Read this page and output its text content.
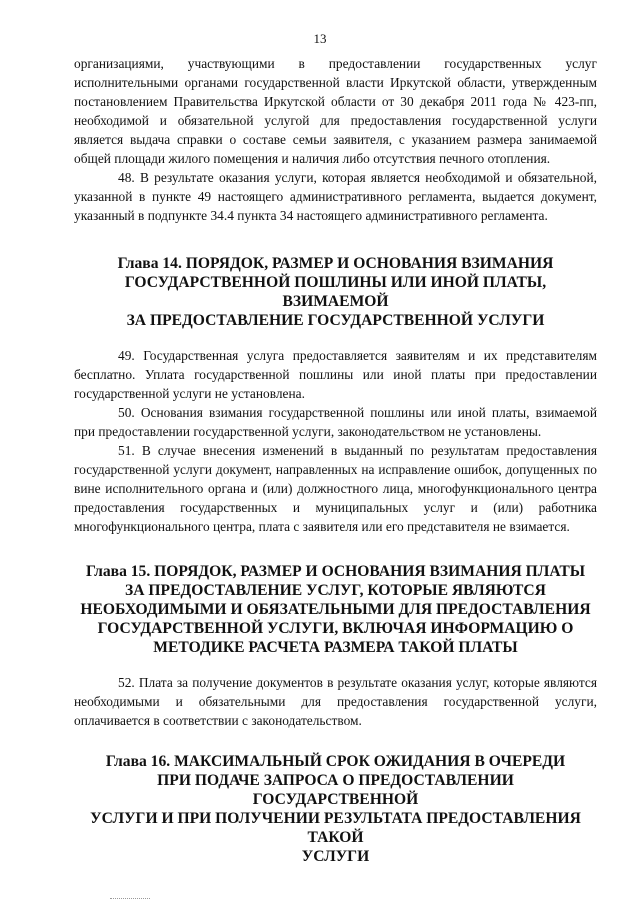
13

организациями, участвующими в предоставлении государственных услуг исполнительными органами государственной власти Иркутской области, утвержденным постановлением Правительства Иркутской области от 30 декабря 2011 года № 423-пп, необходимой и обязательной услугой для предоставления государственной услуги является выдача справки о составе семьи заявителя, с указанием размера занимаемой общей площади жилого помещения и наличия либо отсутствия печного отопления.

48. В результате оказания услуги, которая является необходимой и обязательной, указанной в пункте 49 настоящего административного регламента, выдается документ, указанный в подпункте 34.4 пункта 34 настоящего административного регламента.

Глава 14. ПОРЯДОК, РАЗМЕР И ОСНОВАНИЯ ВЗИМАНИЯ
ГОСУДАРСТВЕННОЙ ПОШЛИНЫ ИЛИ ИНОЙ ПЛАТЫ, ВЗИМАЕМОЙ
ЗА ПРЕДОСТАВЛЕНИЕ ГОСУДАРСТВЕННОЙ УСЛУГИ

49. Государственная услуга предоставляется заявителям и их представителям бесплатно. Уплата государственной пошлины или иной платы при предоставлении государственной услуги не установлена.

50. Основания взимания государственной пошлины или иной платы, взимаемой при предоставлении государственной услуги, законодательством не установлены.

51. В случае внесения изменений в выданный по результатам предоставления государственной услуги документ, направленных на исправление ошибок, допущенных по вине исполнительного органа и (или) должностного лица, многофункционального центра предоставления государственных и муниципальных услуг и (или) работника многофункционального центра, плата с заявителя или его представителя не взимается.

Глава 15. ПОРЯДОК, РАЗМЕР И ОСНОВАНИЯ ВЗИМАНИЯ ПЛАТЫ
ЗА ПРЕДОСТАВЛЕНИЕ УСЛУГ, КОТОРЫЕ ЯВЛЯЮТСЯ
НЕОБХОДИМЫМИ И ОБЯЗАТЕЛЬНЫМИ ДЛЯ ПРЕДОСТАВЛЕНИЯ
ГОСУДАРСТВЕННОЙ УСЛУГИ, ВКЛЮЧАЯ ИНФОРМАЦИЮ О
МЕТОДИКЕ РАСЧЕТА РАЗМЕРА ТАКОЙ ПЛАТЫ

52. Плата за получение документов в результате оказания услуг, которые являются необходимыми и обязательными для предоставления государственной услуги, оплачивается в соответствии с законодательством.

Глава 16. МАКСИМАЛЬНЫЙ СРОК ОЖИДАНИЯ В ОЧЕРЕДИ
ПРИ ПОДАЧЕ ЗАПРОСА О ПРЕДОСТАВЛЕНИИ ГОСУДАРСТВЕННОЙ
УСЛУГИ И ПРИ ПОЛУЧЕНИИ РЕЗУЛЬТАТА ПРЕДОСТАВЛЕНИЯ ТАКОЙ
УСЛУГИ
